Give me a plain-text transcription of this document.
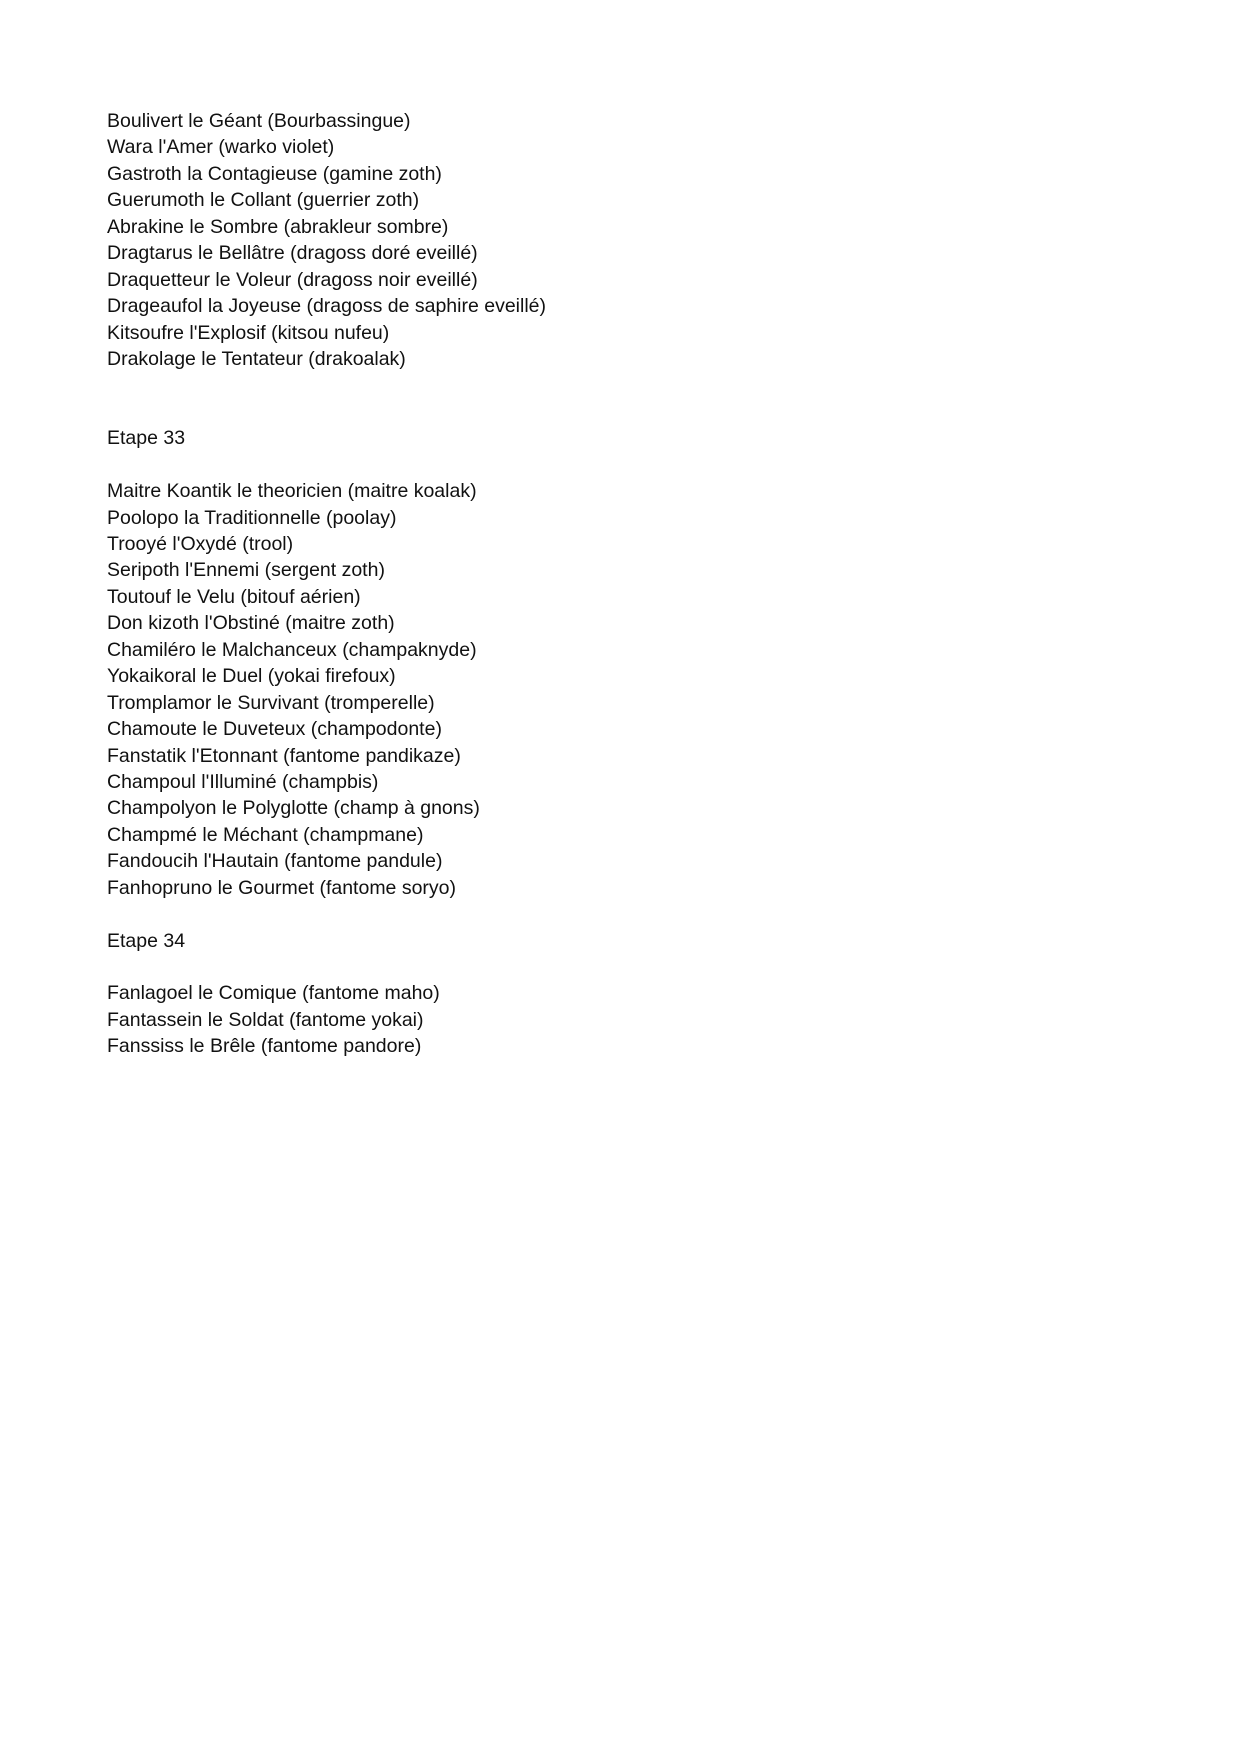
Boulivert le Géant (Bourbassingue)
Wara l'Amer (warko violet)
Gastroth la Contagieuse (gamine zoth)
Guerumoth le Collant (guerrier zoth)
Abrakine le Sombre (abrakleur sombre)
Dragtarus le Bellâtre (dragoss doré eveillé)
Draquetteur le Voleur (dragoss noir eveillé)
Drageaufol la Joyeuse (dragoss de saphire eveillé)
Kitsoufre l'Explosif (kitsou nufeu)
Drakolage le Tentateur (drakoalak)
Etape 33
Maitre Koantik le theoricien (maitre koalak)
Poolopo la Traditionnelle (poolay)
Trooyé l'Oxydé (trool)
Seripoth l'Ennemi (sergent zoth)
Toutouf le Velu (bitouf aérien)
Don kizoth l'Obstiné (maitre zoth)
Chamiléro le Malchanceux (champaknyde)
Yokaikoral le Duel (yokai firefoux)
Tromplamor le Survivant (tromperelle)
Chamoute le Duveteux (champodonte)
Fanstatik l'Etonnant (fantome pandikaze)
Champoul l'Illuminé (champbis)
Champolyon le Polyglotte (champ à gnons)
Champmé le Méchant (champmane)
Fandoucih l'Hautain (fantome pandule)
Fanhopruno le Gourmet (fantome soryo)
Etape 34
Fanlagoel le Comique (fantome maho)
Fantassein le Soldat (fantome yokai)
Fanssiss le Brêle (fantome pandore)
